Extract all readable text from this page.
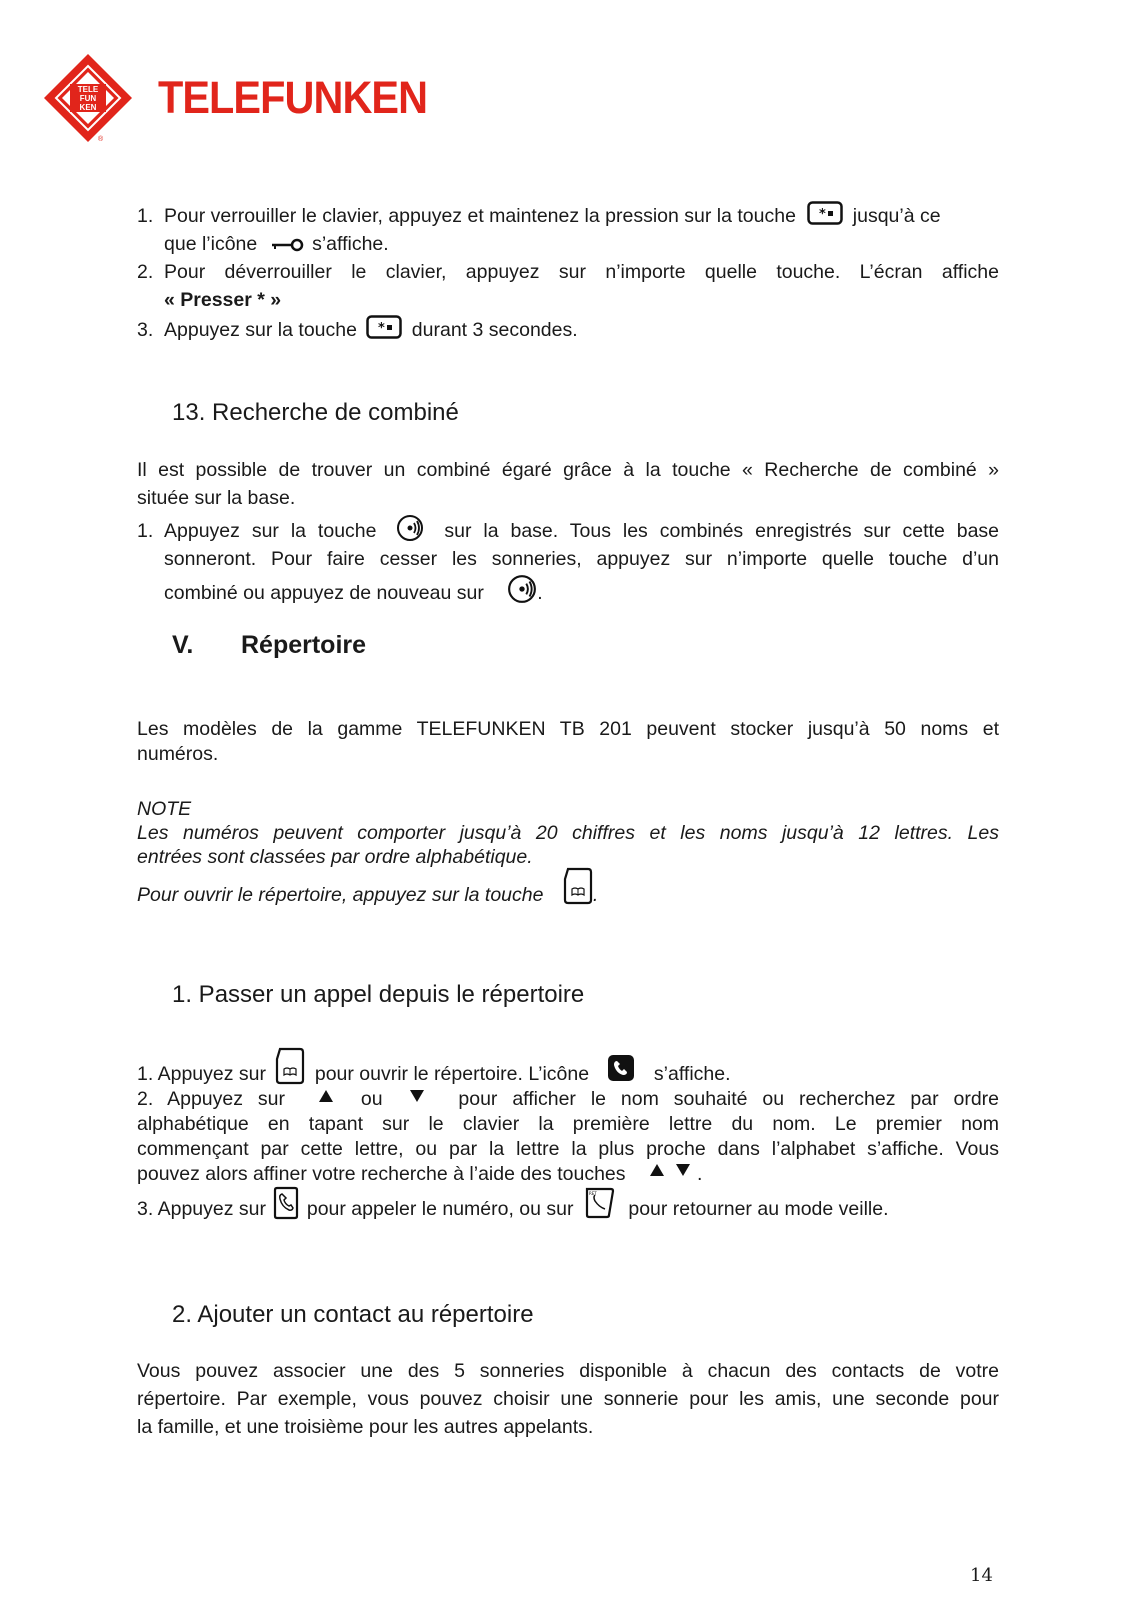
TELE
FUN
KEN
®
TELEFUNKEN
1. Pour verrouiller le clavier, appuyez et maintenez la pression sur la touche * jusqu’à ce
que l’icône	s’affiche.
2. Pour déverrouiller le clavier, appuyez sur n’importe quelle touche. L’écran affiche
« Presser * »
3. Appuyez sur la touche * durant 3 secondes.
13. Recherche de combiné
Il est possible de trouver un combiné égaré grâce à la touche « Recherche de combiné »
située sur la base.
1. Appuyez sur la touche	sur la base. Tous les combinés enregistrés sur cette base
sonneront. Pour faire cesser les sonneries, appuyez sur n’importe quelle touche d’un
combiné ou appuyez de nouveau sur	.
V. Répertoire
Les modèles de la gamme TELEFUNKEN TB 201 peuvent stocker jusqu’à 50 noms et
numéros.
NOTE
Les numéros peuvent comporter jusqu’à 20 chiffres et les noms jusqu’à 12 lettres. Les
entrées sont classées par ordre alphabétique.
Pour ouvrir le répertoire, appuyez sur la touche	.
1. Passer un appel depuis le répertoire
1. Appuyez sur	pour ouvrir le répertoire. L’icône	s’affiche.
2. Appuyez sur	ou	pour afficher le nom souhaité ou recherchez par ordre
alphabétique en tapant sur le clavier la première lettre du nom. Le premier nom
commençant par cette lettre, ou par la lettre la plus proche dans l’alphabet s’affiche. Vous
pouvez alors affiner votre recherche à l’aide des touches	.
3. Appuyez sur pour appeler le numéro, ou sur
RET
pour retourner au mode veille.
2. Ajouter un contact au répertoire
Vous pouvez associer une des 5 sonneries disponible à chacun des contacts de votre
répertoire. Par exemple, vous pouvez choisir une sonnerie pour les amis, une seconde pour
la famille, et une troisième pour les autres appelants.
14
